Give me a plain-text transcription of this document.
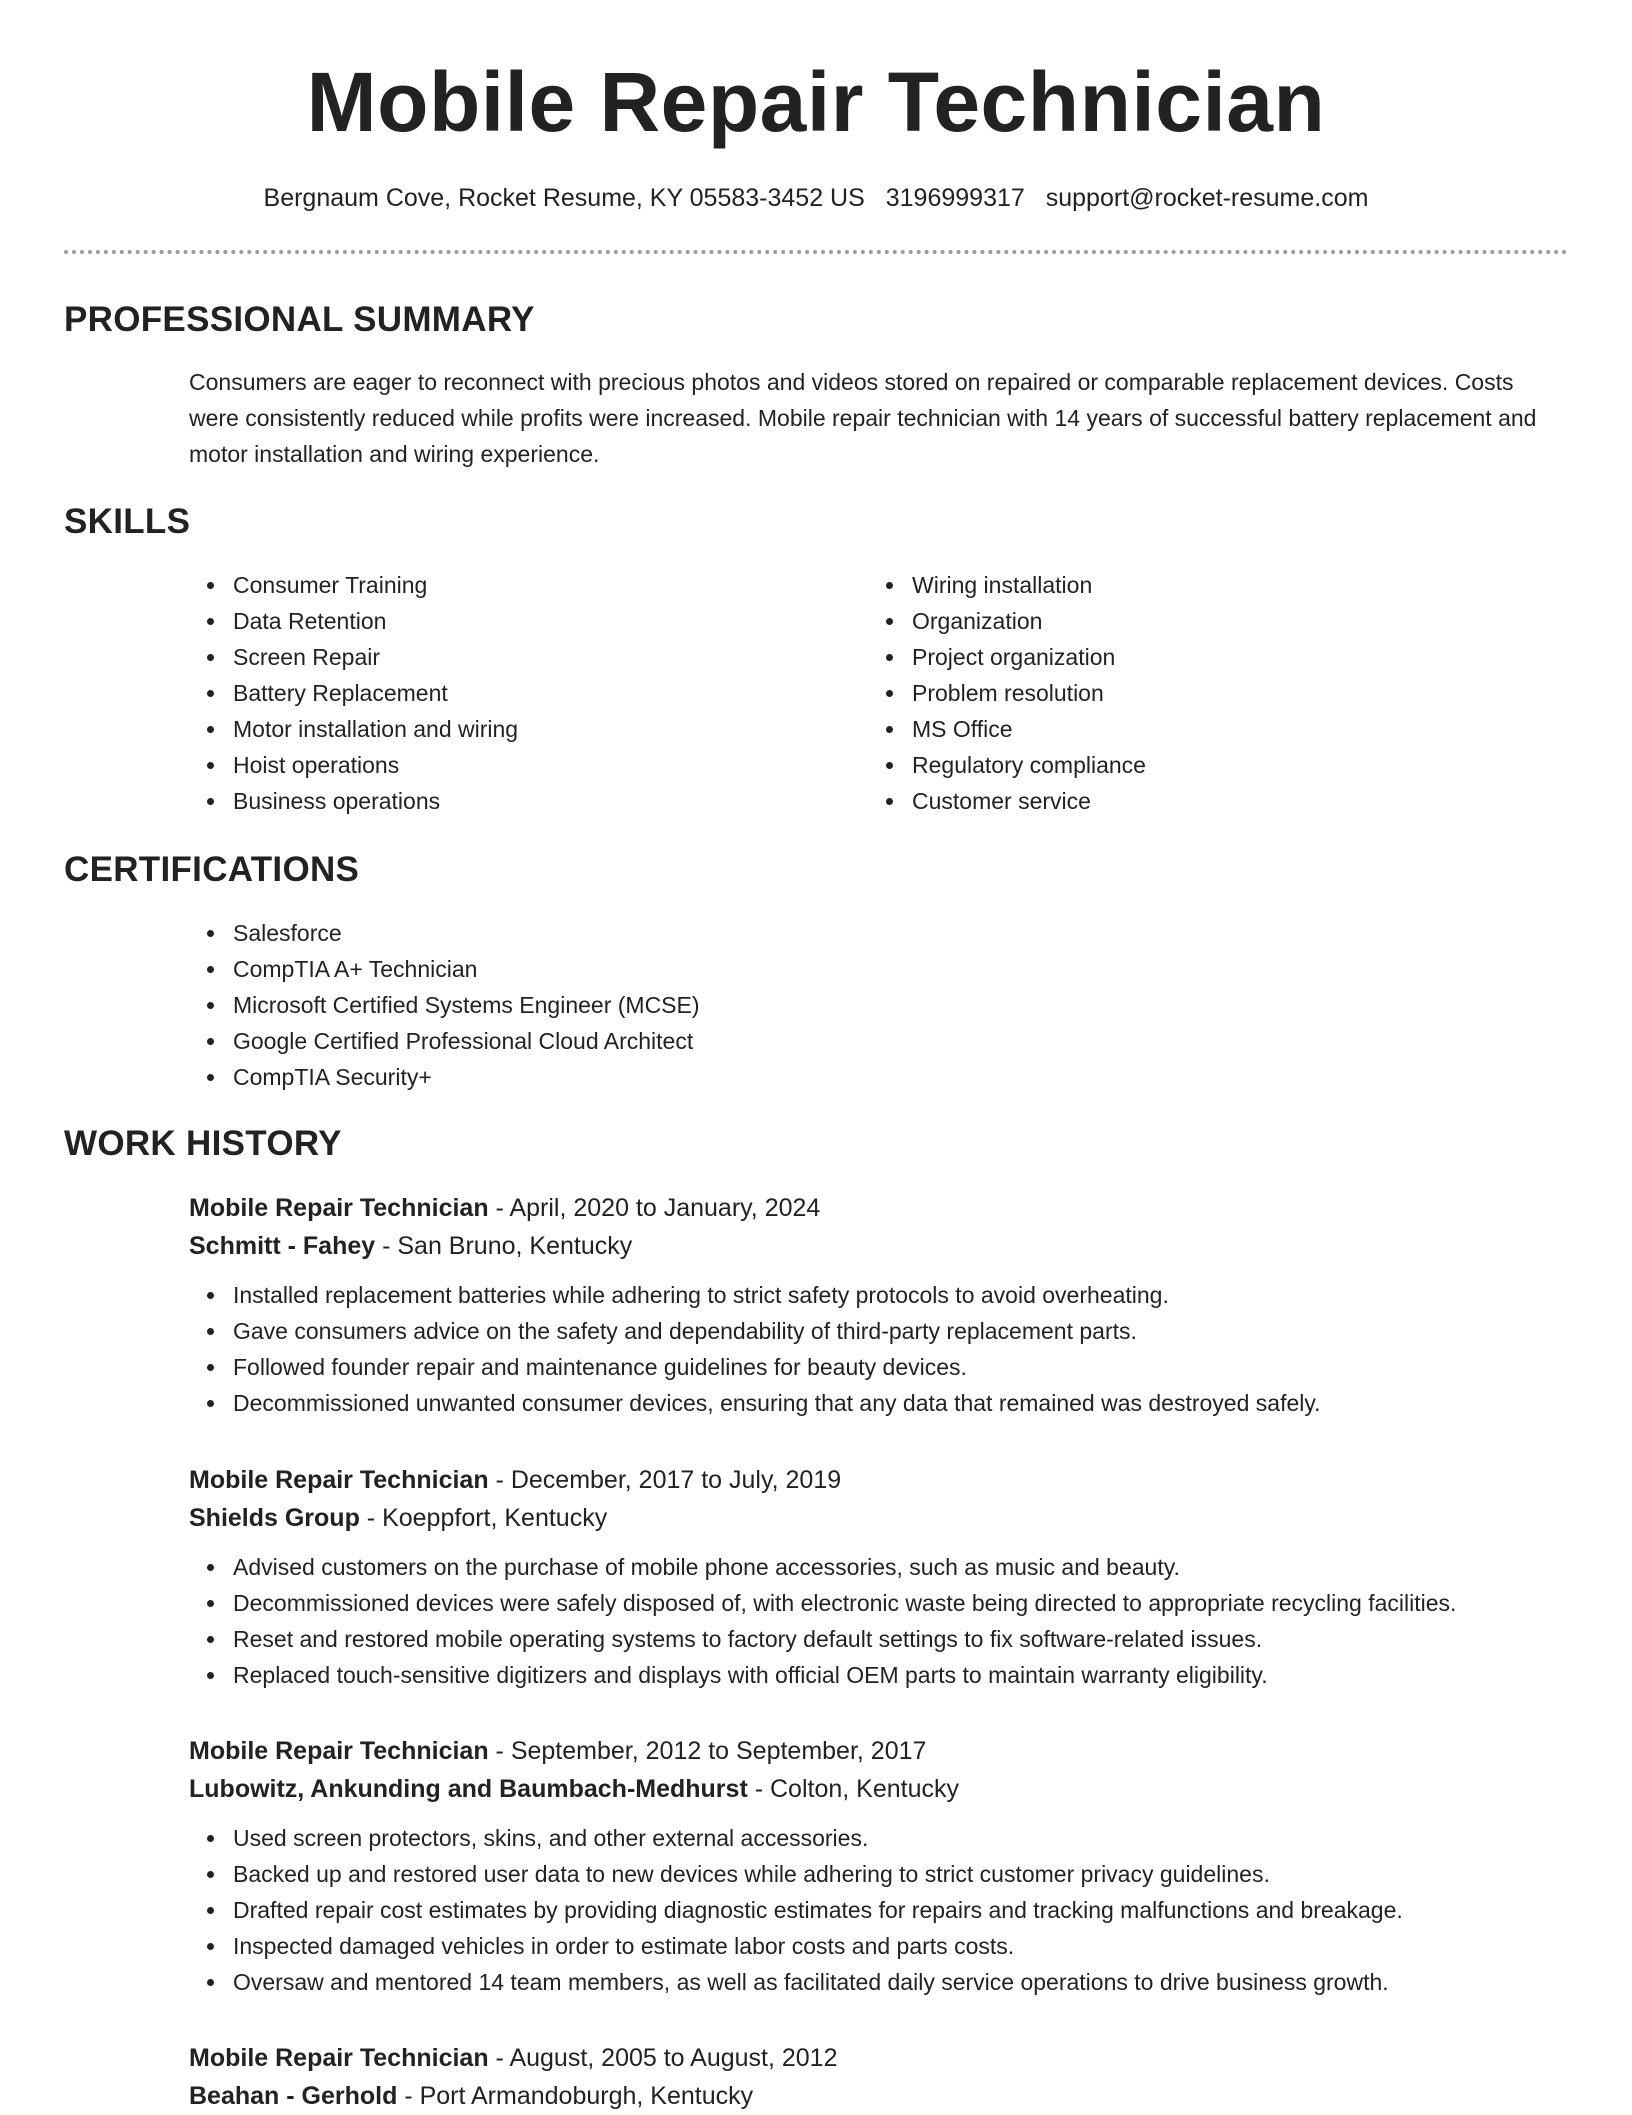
Mobile Repair Technician
Bergnaum Cove, Rocket Resume, KY 05583-3452 US 3196999317 support@rocket-resume.com
PROFESSIONAL SUMMARY

Consumers are eager to reconnect with precious photos and videos stored on repaired or comparable replacement devices. Costs were consistently reduced while profits were increased. Mobile repair technician with 14 years of successful battery replacement and motor installation and wiring experience.

SKILLS
Consumer Training
Data Retention
Screen Repair
Battery Replacement
Motor installation and wiring
Hoist operations
Business operations
Wiring installation
Organization
Project organization
Problem resolution
MS Office
Regulatory compliance
Customer service
CERTIFICATIONS
Salesforce
CompTIA A+ Technician
Microsoft Certified Systems Engineer (MCSE)
Google Certified Professional Cloud Architect
CompTIA Security+
WORK HISTORY
Mobile Repair Technician - April, 2020 to January, 2024
Schmitt - Fahey - San Bruno, Kentucky
Installed replacement batteries while adhering to strict safety protocols to avoid overheating.
Gave consumers advice on the safety and dependability of third-party replacement parts.
Followed founder repair and maintenance guidelines for beauty devices.
Decommissioned unwanted consumer devices, ensuring that any data that remained was destroyed safely.
Mobile Repair Technician - December, 2017 to July, 2019
Shields Group - Koeppfort, Kentucky
Advised customers on the purchase of mobile phone accessories, such as music and beauty.
Decommissioned devices were safely disposed of, with electronic waste being directed to appropriate recycling facilities.
Reset and restored mobile operating systems to factory default settings to fix software-related issues.
Replaced touch-sensitive digitizers and displays with official OEM parts to maintain warranty eligibility.
Mobile Repair Technician - September, 2012 to September, 2017
Lubowitz, Ankunding and Baumbach-Medhurst - Colton, Kentucky
Used screen protectors, skins, and other external accessories.
Backed up and restored user data to new devices while adhering to strict customer privacy guidelines.
Drafted repair cost estimates by providing diagnostic estimates for repairs and tracking malfunctions and breakage.
Inspected damaged vehicles in order to estimate labor costs and parts costs.
Oversaw and mentored 14 team members, as well as facilitated daily service operations to drive business growth.
Mobile Repair Technician - August, 2005 to August, 2012
Beahan - Gerhold - Port Armandoburgh, Kentucky
